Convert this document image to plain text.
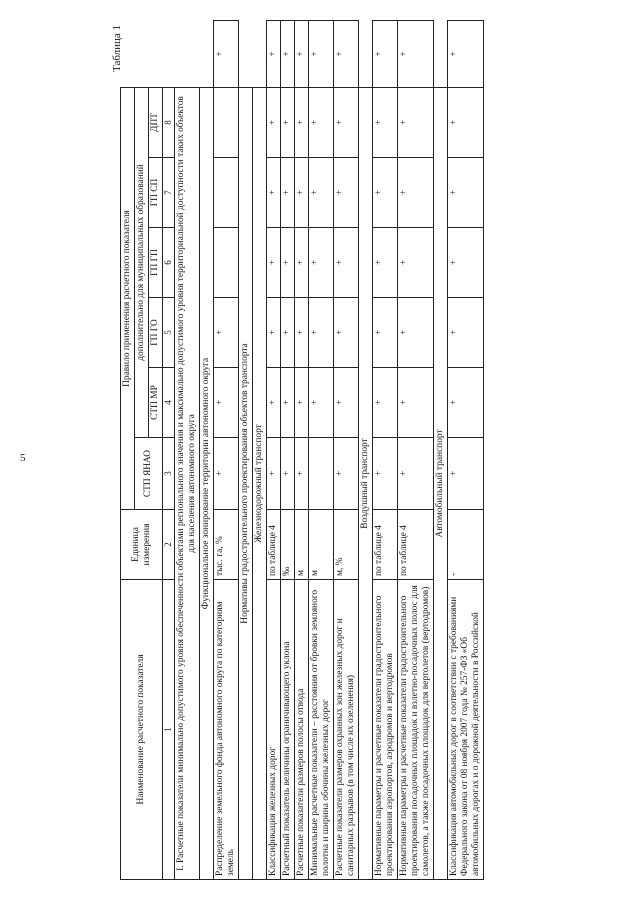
5
Таблица 1
Наименование расчетного показателя	Единица измерения	Правило применения расчетного показателя						
		СТП ЯНАО	дополнительно для муниципальных образований					
			СТП МР	ГП ГО	ГП ГП	ГП СП	ДПТ	
1	2	3	4	5	6	7	8	
I. Расчетные показатели минимально допустимого уровня обеспеченности объектами регионального значения и максимально допустимого уровня территориальной доступности таких объектов для населения автономного округа								
Функциональное зонирование территории автономного округа								
Распределение земельного фонда автономного округа по категориям земель	тыс. га, %	+	+	+				+
Нормативы градостроительного проектирования объектов транспорта								
Железнодорожный транспорт								
Классификация железных дорог	по таблице 4	+	+	+	+	+	+	+
Расчетный показатель величины ограничивающего уклона	‰	+	+	+	+	+	+	+
Расчетные показатели размеров полосы отвода	м	+	+	+	+	+	+	+
Минимальные расчетные показатели – расстояния от бровки земляного полотна и ширина обочины железных дорог	м		+	+	+	+	+	+
Расчетные показатели размеров охранных зон железных дорог и санитарных разрывов (в том числе их озеленения)	м, %	+	+	+	+	+	+	+
Воздушный транспорт								
Нормативные параметры и расчетные показатели градостроительного проектирования аэропортов, аэродромов и вертодромов	по таблице 4	+	+	+	+	+	+	+
Нормативные параметры и расчетные показатели градостроительного проектирования посадочных площадок и взлетно-посадочных полос для самолетов, а также посадочных площадок для вертолетов (вертодромов)	по таблице 4	+	+	+	+	+	+	+
Автомобильный транспорт								
Классификация автомобильных дорог в соответствии с требованиями Федерального закона от 08 ноября 2007 года № 257-ФЗ «Об автомобильных дорогах и о дорожной деятельности в Российской	-	+	+	+	+	+	+	+
